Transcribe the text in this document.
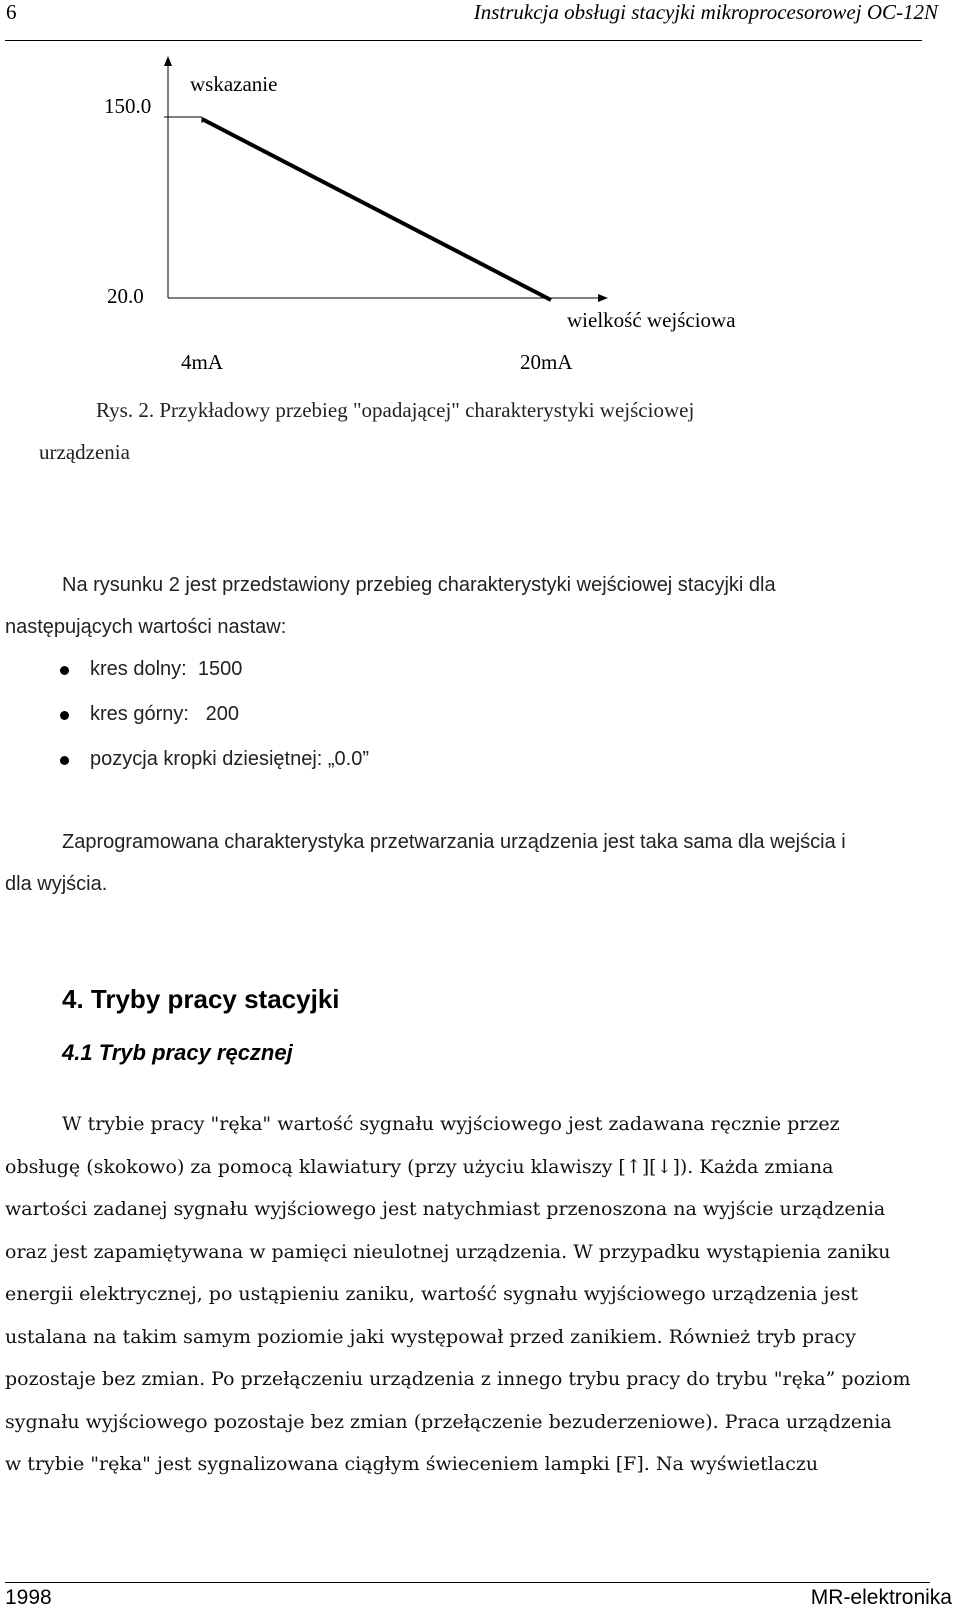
6	Instrukcja obsługi stacyjki mikroprocesorowej OC-12N
150.0
wskazanie
20.0
wielkość wejściowa
4mA	20mA
Rys. 2. Przykładowy przebieg "opadającej" charakterystyki wejściowej
urządzenia
Na rysunku 2 jest przedstawiony przebieg charakterystyki wejściowej stacyjki dla
następujących wartości nastaw:
kres dolny:  1500
kres górny:   200
pozycja kropki dziesiętnej: „0.0”
Zaprogramowana charakterystyka przetwarzania urządzenia jest taka sama dla wejścia i
dla wyjścia.
4. Tryby pracy stacyjki
4.1 Tryb pracy ręcznej
W trybie pracy "ręka" wartość sygnału wyjściowego jest zadawana ręcznie przez
obsługę (skokowo) za pomocą klawiatury (przy użyciu klawiszy [↑][↓]). Każda zmiana
wartości zadanej sygnału wyjściowego jest natychmiast przenoszona na wyjście urządzenia
oraz jest zapamiętywana w pamięci nieulotnej urządzenia. W przypadku wystąpienia zaniku
energii elektrycznej, po ustąpieniu zaniku, wartość sygnału wyjściowego urządzenia jest
ustalana na takim samym poziomie jaki występował przed zanikiem. Również tryb pracy
pozostaje bez zmian. Po przełączeniu urządzenia z innego trybu pracy do trybu "ręka” poziom
sygnału wyjściowego pozostaje bez zmian (przełączenie bezuderzeniowe). Praca urządzenia
w trybie "ręka" jest sygnalizowana ciągłym świeceniem lampki [F]. Na wyświetlaczu
1998	MR-elektronika
